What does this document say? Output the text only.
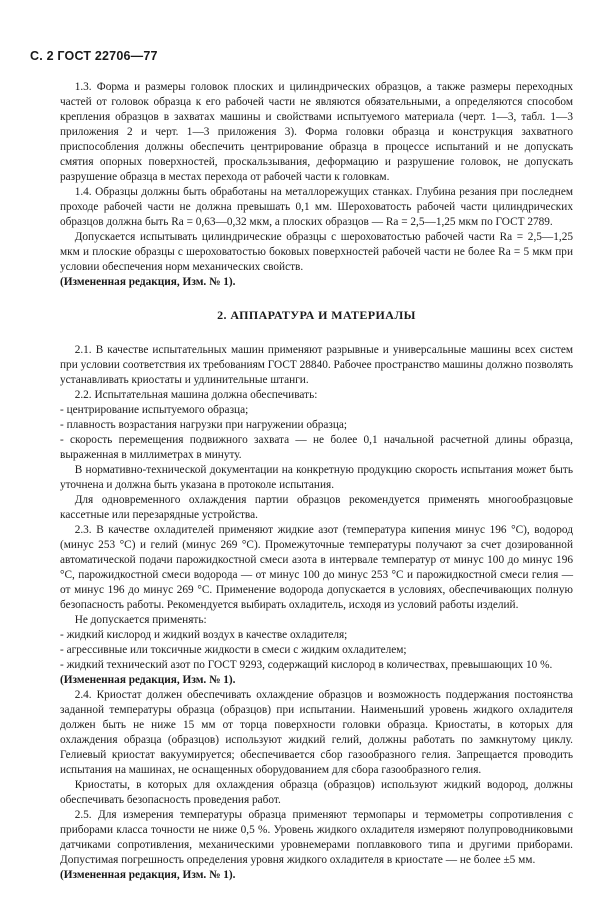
С. 2 ГОСТ 22706—77

1.3. Форма и размеры головок плоских и цилиндрических образцов, а также размеры переходных частей от головок образца к его рабочей части не являются обязательными, а определяются способом крепления образцов в захватах машины и свойствами испытуемого материала (черт. 1—3, табл. 1—3 приложения 2 и черт. 1—3 приложения 3). Форма головки образца и конструкция захватного приспособления должны обеспечить центрирование образца в процессе испытаний и не допускать смятия опорных поверхностей, проскальзывания, деформацию и разрушение головок, не допускать разрушение образца в местах перехода от рабочей части к головкам.

1.4. Образцы должны быть обработаны на металлорежущих станках. Глубина резания при последнем проходе рабочей части не должна превышать 0,1 мм. Шероховатость рабочей части цилиндрических образцов должна быть Ra = 0,63—0,32 мкм, а плоских образцов — Ra = 2,5—1,25 мкм по ГОСТ 2789.

Допускается испытывать цилиндрические образцы с шероховатостью рабочей части Ra = 2,5—1,25 мкм и плоские образцы с шероховатостью боковых поверхностей рабочей части не более Ra = 5 мкм при условии обеспечения норм механических свойств.

(Измененная редакция, Изм. № 1).

2. АППАРАТУРА И МАТЕРИАЛЫ

2.1. В качестве испытательных машин применяют разрывные и универсальные машины всех систем при условии соответствия их требованиям ГОСТ 28840. Рабочее пространство машины должно позволять устанавливать криостаты и удлинительные штанги.

2.2. Испытательная машина должна обеспечивать:

- центрирование испытуемого образца;

- плавность возрастания нагрузки при нагружении образца;

- скорость перемещения подвижного захвата — не более 0,1 начальной расчетной длины образца, выраженная в миллиметрах в минуту.

В нормативно-технической документации на конкретную продукцию скорость испытания может быть уточнена и должна быть указана в протоколе испытания.

Для одновременного охлаждения партии образцов рекомендуется применять многообразцовые кассетные или перезарядные устройства.

2.3. В качестве охладителей применяют жидкие азот (температура кипения минус 196 °С), водород (минус 253 °С) и гелий (минус 269 °С). Промежуточные температуры получают за счет дозированной автоматической подачи парожидкостной смеси азота в интервале температур от минус 100 до минус 196 °С, парожидкостной смеси водорода — от минус 100 до минус 253 °С и парожидкостной смеси гелия — от минус 196 до минус 269 °С. Применение водорода допускается в условиях, обеспечивающих полную безопасность работы. Рекомендуется выбирать охладитель, исходя из условий работы изделий.

Не допускается применять:

- жидкий кислород и жидкий воздух в качестве охладителя;

- агрессивные или токсичные жидкости в смеси с жидким охладителем;

- жидкий технический азот по ГОСТ 9293, содержащий кислород в количествах, превышающих 10 %.

(Измененная редакция, Изм. № 1).

2.4. Криостат должен обеспечивать охлаждение образцов и возможность поддержания постоянства заданной температуры образца (образцов) при испытании. Наименьший уровень жидкого охладителя должен быть не ниже 15 мм от торца поверхности головки образца. Криостаты, в которых для охлаждения образца (образцов) используют жидкий гелий, должны работать по замкнутому циклу. Гелиевый криостат вакуумируется; обеспечивается сбор газообразного гелия. Запрещается проводить испытания на машинах, не оснащенных оборудованием для сбора газообразного гелия.

Криостаты, в которых для охлаждения образца (образцов) используют жидкий водород, должны обеспечивать безопасность проведения работ.

2.5. Для измерения температуры образца применяют термопары и термометры сопротивления с приборами класса точности не ниже 0,5 %. Уровень жидкого охладителя измеряют полупроводниковыми датчиками сопротивления, механическими уровнемерами поплавкового типа и другими приборами. Допустимая погрешность определения уровня жидкого охладителя в криостате — не более ±5 мм.

(Измененная редакция, Изм. № 1).
